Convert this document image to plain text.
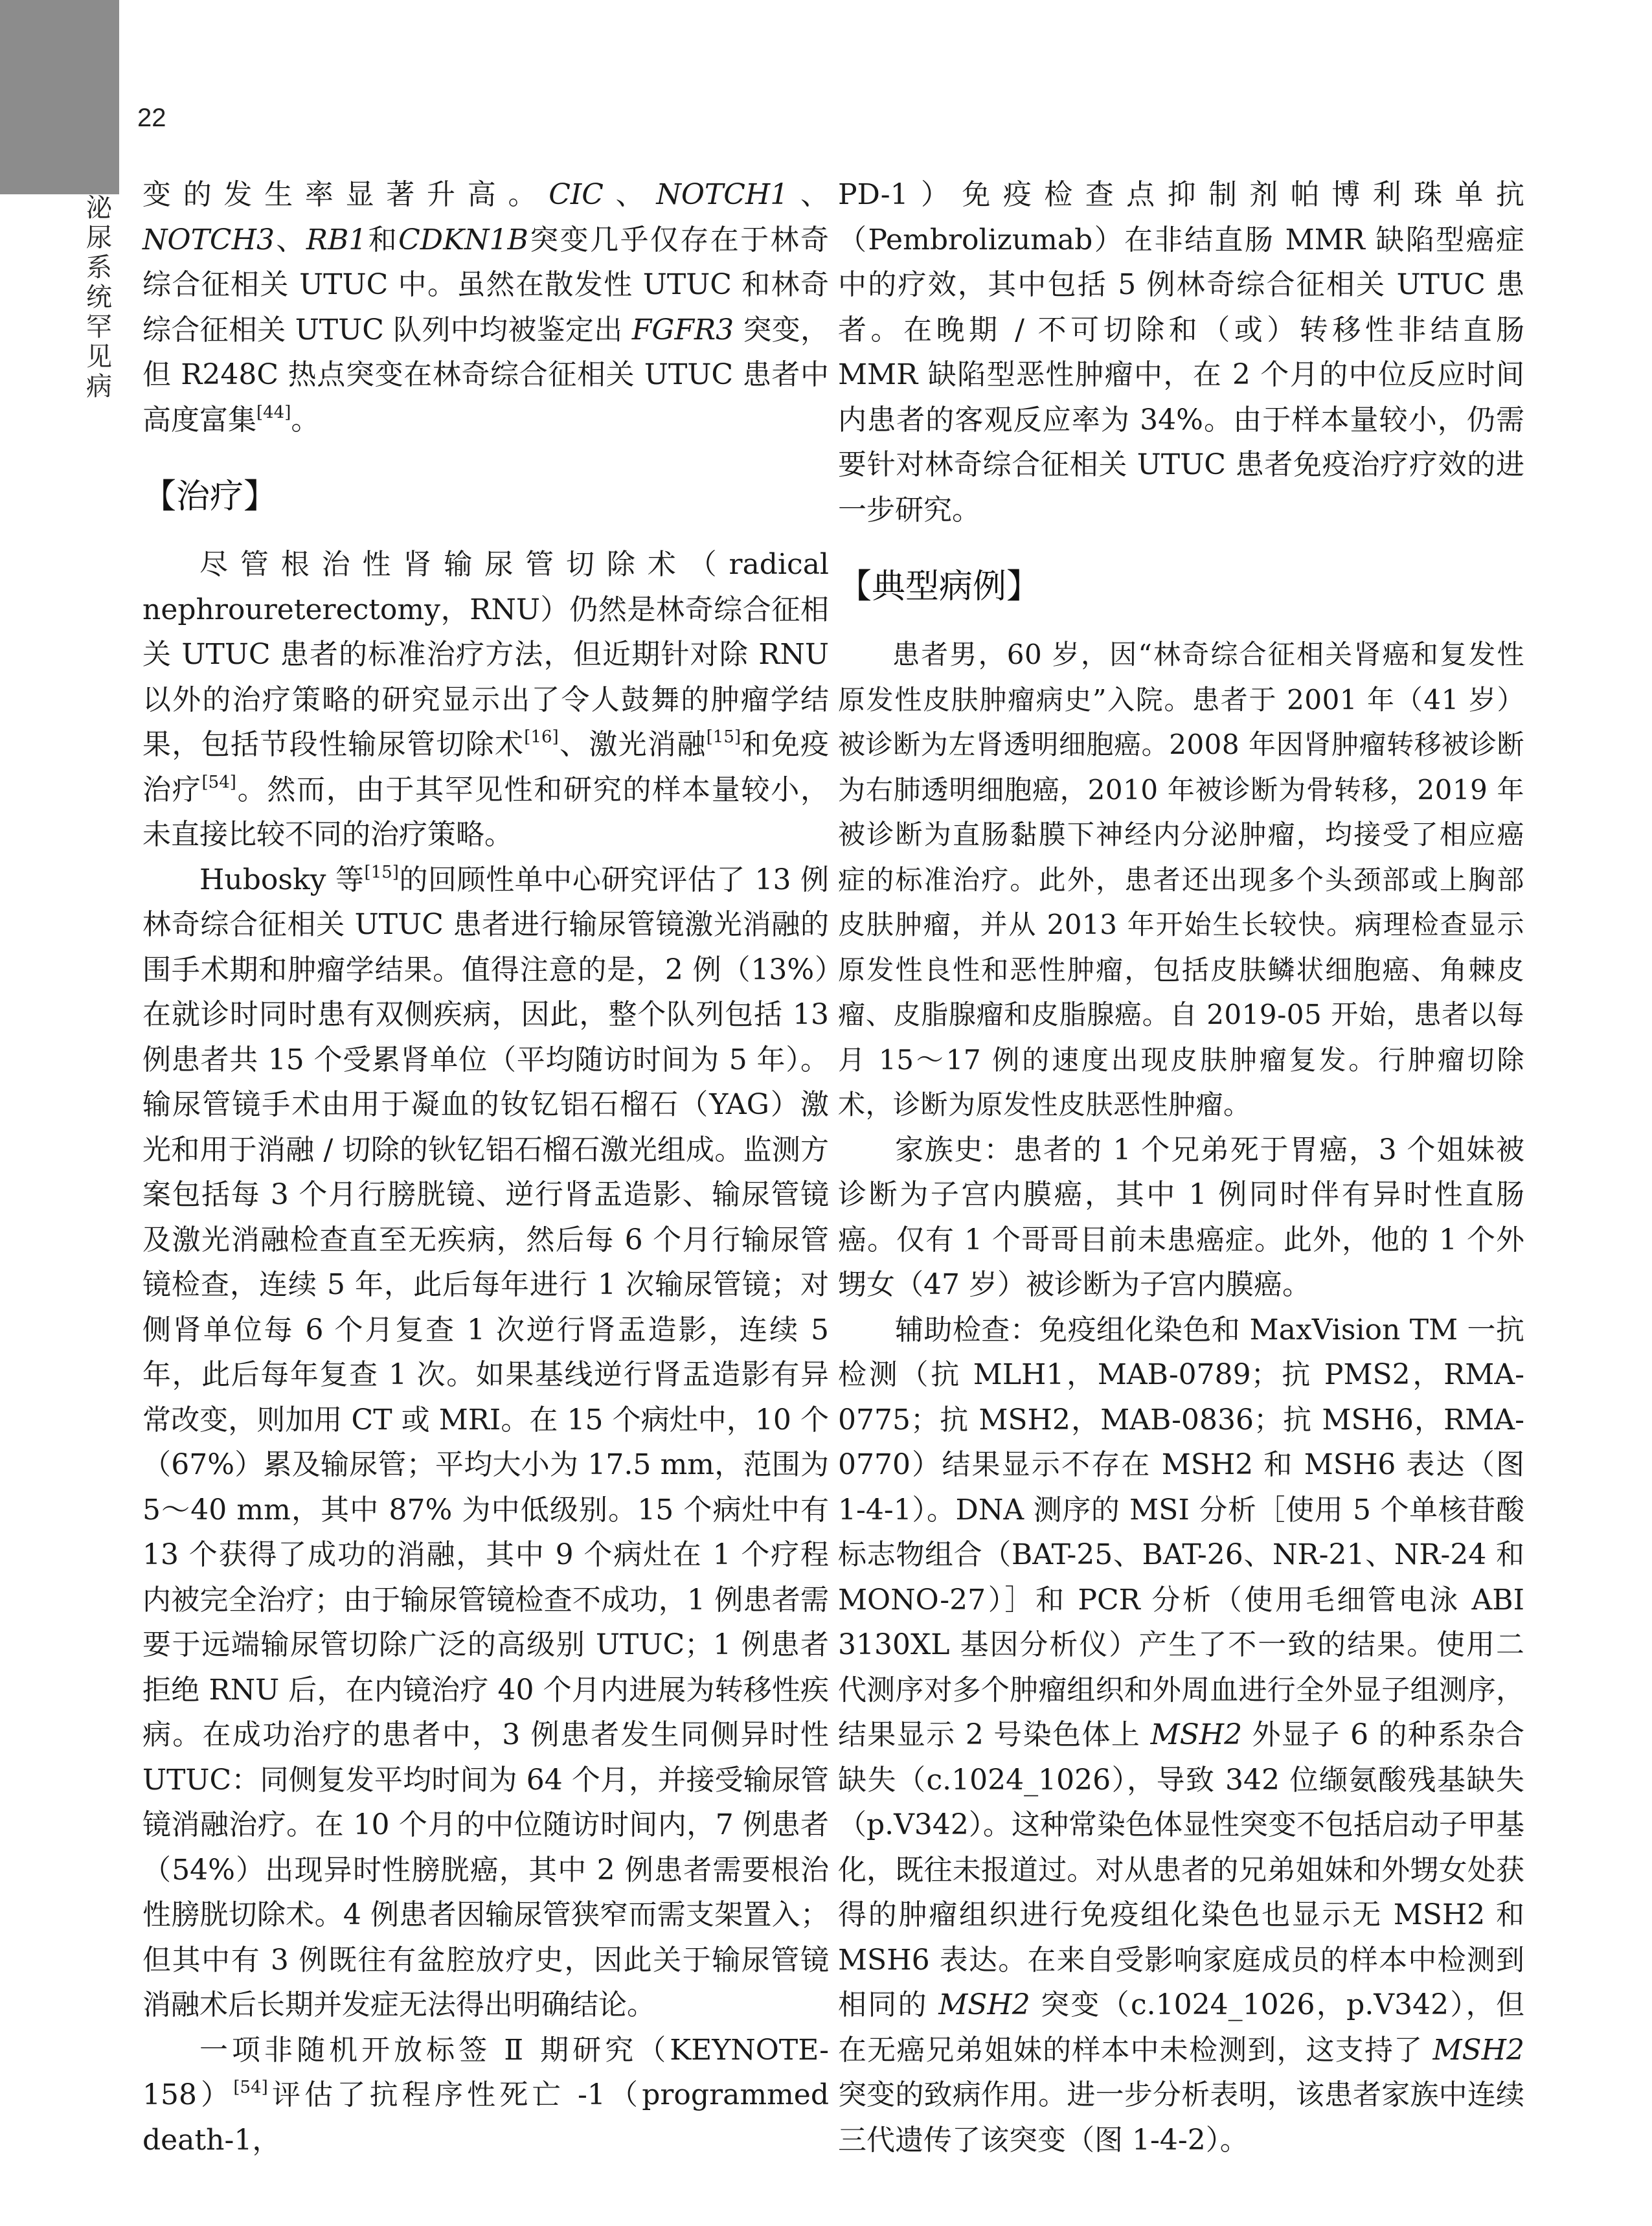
22
泌尿系统罕见病

变的发生率显著升高。CIC、NOTCH1、NOTCH3、RB1和CDKN1B突变几乎仅存在于林奇综合征相关 UTUC 中。虽然在散发性 UTUC 和林奇综合征相关 UTUC 队列中均被鉴定出 FGFR3 突变，但 R248C 热点突变在林奇综合征相关 UTUC 患者中高度富集[44]。

【治疗】

尽管根治性肾输尿管切除术（radical nephroureterectomy，RNU）仍然是林奇综合征相关 UTUC 患者的标准治疗方法，但近期针对除 RNU 以外的治疗策略的研究显示出了令人鼓舞的肿瘤学结果，包括节段性输尿管切除术[16]、激光消融[15]和免疫治疗[54]。然而，由于其罕见性和研究的样本量较小，未直接比较不同的治疗策略。

Hubosky 等[15]的回顾性单中心研究评估了 13 例林奇综合征相关 UTUC 患者进行输尿管镜激光消融的围手术期和肿瘤学结果。值得注意的是，2 例（13%）在就诊时同时患有双侧疾病，因此，整个队列包括 13 例患者共 15 个受累肾单位（平均随访时间为 5 年）。输尿管镜手术由用于凝血的钕钇铝石榴石（YAG）激光和用于消融 / 切除的钬钇铝石榴石激光组成。监测方案包括每 3 个月行膀胱镜、逆行肾盂造影、输尿管镜及激光消融检查直至无疾病，然后每 6 个月行输尿管镜检查，连续 5 年，此后每年进行 1 次输尿管镜；对侧肾单位每 6 个月复查 1 次逆行肾盂造影，连续 5 年，此后每年复查 1 次。如果基线逆行肾盂造影有异常改变，则加用 CT 或 MRI。在 15 个病灶中，10 个（67%）累及输尿管；平均大小为 17.5 mm，范围为 5～40 mm，其中 87% 为中低级别。15 个病灶中有 13 个获得了成功的消融，其中 9 个病灶在 1 个疗程内被完全治疗；由于输尿管镜检查不成功，1 例患者需要于远端输尿管切除广泛的高级别 UTUC；1 例患者拒绝 RNU 后，在内镜治疗 40 个月内进展为转移性疾病。在成功治疗的患者中，3 例患者发生同侧异时性 UTUC：同侧复发平均时间为 64 个月，并接受输尿管镜消融治疗。在 10 个月的中位随访时间内，7 例患者（54%）出现异时性膀胱癌，其中 2 例患者需要根治性膀胱切除术。4 例患者因输尿管狭窄而需支架置入；但其中有 3 例既往有盆腔放疗史，因此关于输尿管镜消融术后长期并发症无法得出明确结论。

一项非随机开放标签 Ⅱ 期研究（KEYNOTE-158）[54]评估了抗程序性死亡 -1（programmed death-1，

PD-1）免疫检查点抑制剂帕博利珠单抗（Pembrolizumab）在非结直肠 MMR 缺陷型癌症中的疗效，其中包括 5 例林奇综合征相关 UTUC 患者。在晚期 / 不可切除和（或）转移性非结直肠 MMR 缺陷型恶性肿瘤中，在 2 个月的中位反应时间内患者的客观反应率为 34%。由于样本量较小，仍需要针对林奇综合征相关 UTUC 患者免疫治疗疗效的进一步研究。

【典型病例】

患者男，60 岁，因“林奇综合征相关肾癌和复发性原发性皮肤肿瘤病史”入院。患者于 2001 年（41 岁）被诊断为左肾透明细胞癌。2008 年因肾肿瘤转移被诊断为右肺透明细胞癌，2010 年被诊断为骨转移，2019 年被诊断为直肠黏膜下神经内分泌肿瘤，均接受了相应癌症的标准治疗。此外，患者还出现多个头颈部或上胸部皮肤肿瘤，并从 2013 年开始生长较快。病理检查显示原发性良性和恶性肿瘤，包括皮肤鳞状细胞癌、角棘皮瘤、皮脂腺瘤和皮脂腺癌。自 2019-05 开始，患者以每月 15～17 例的速度出现皮肤肿瘤复发。行肿瘤切除术，诊断为原发性皮肤恶性肿瘤。

家族史：患者的 1 个兄弟死于胃癌，3 个姐妹被诊断为子宫内膜癌，其中 1 例同时伴有异时性直肠癌。仅有 1 个哥哥目前未患癌症。此外，他的 1 个外甥女（47 岁）被诊断为子宫内膜癌。

辅助检查：免疫组化染色和 MaxVision TM 一抗检测（抗 MLH1，MAB-0789；抗 PMS2，RMA-0775；抗 MSH2，MAB-0836；抗 MSH6，RMA-0770）结果显示不存在 MSH2 和 MSH6 表达（图 1-4-1）。DNA 测序的 MSI 分析［使用 5 个单核苷酸标志物组合（BAT-25、BAT-26、NR-21、NR-24 和 MONO-27）］和 PCR 分析（使用毛细管电泳 ABI 3130XL 基因分析仪）产生了不一致的结果。使用二代测序对多个肿瘤组织和外周血进行全外显子组测序，结果显示 2 号染色体上 MSH2 外显子 6 的种系杂合缺失（c.1024_1026），导致 342 位缬氨酸残基缺失（p.V342）。这种常染色体显性突变不包括启动子甲基化，既往未报道过。对从患者的兄弟姐妹和外甥女处获得的肿瘤组织进行免疫组化染色也显示无 MSH2 和 MSH6 表达。在来自受影响家庭成员的样本中检测到相同的 MSH2 突变（c.1024_1026，p.V342），但在无癌兄弟姐妹的样本中未检测到，这支持了 MSH2 突变的致病作用。进一步分析表明，该患者家族中连续三代遗传了该突变（图 1-4-2）。
